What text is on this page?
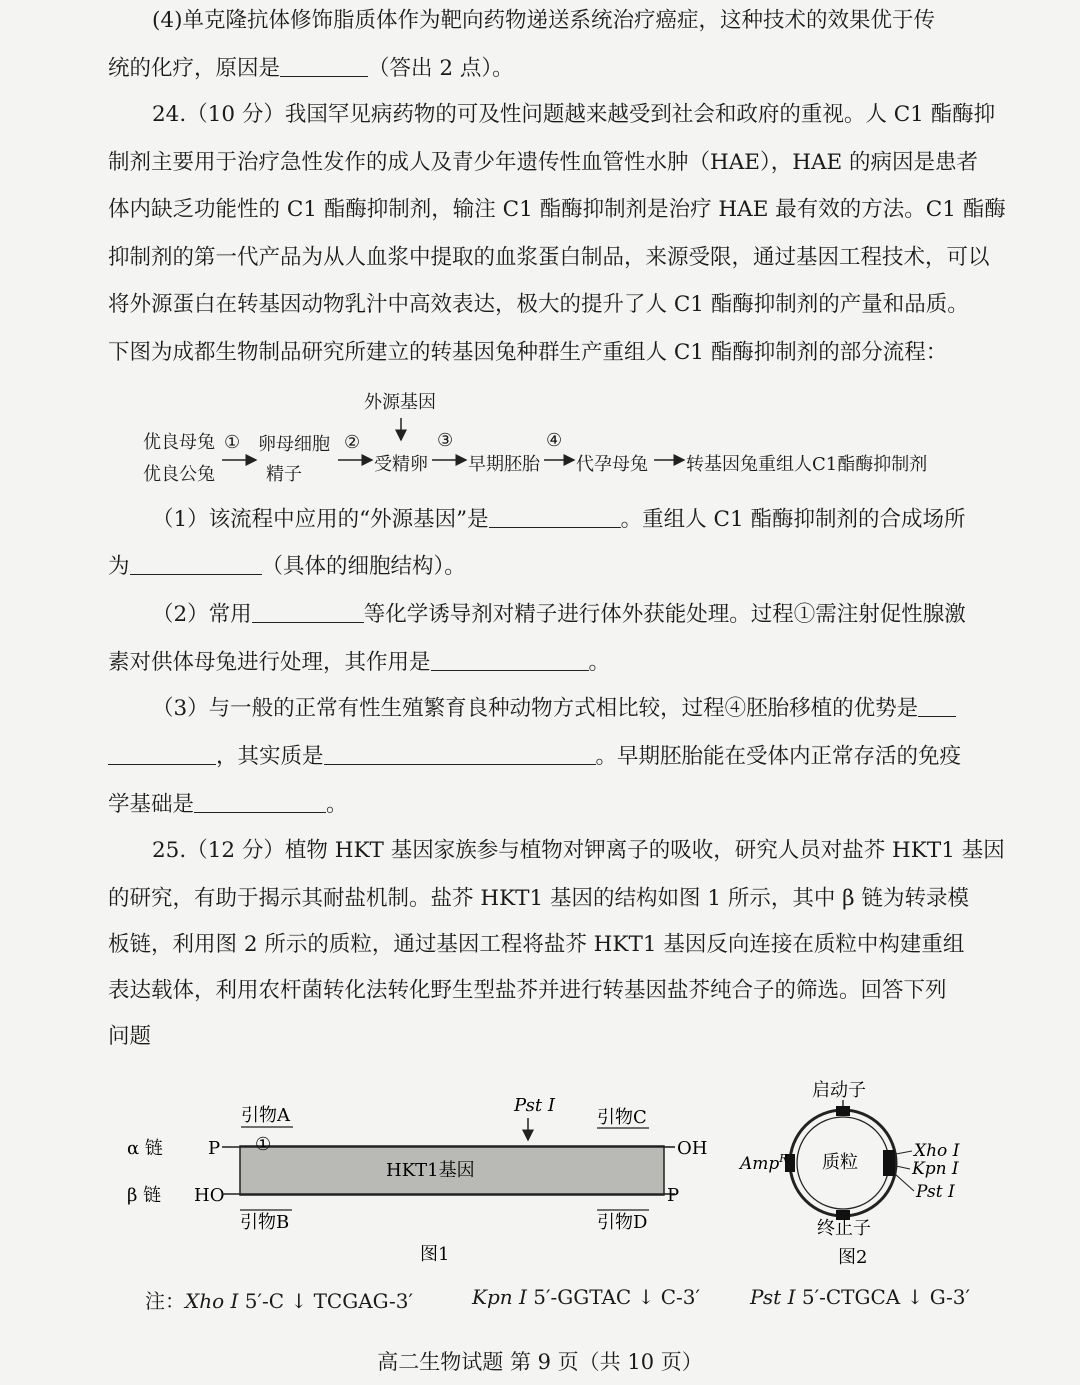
(4)单克隆抗体修饰脂质体作为靶向药物递送系统治疗癌症，这种技术的效果优于传
统的化疗，原因是	（答出 2 点）。
24.（10 分）我国罕见病药物的可及性问题越来越受到社会和政府的重视。人 C1 酯酶抑
制剂主要用于治疗急性发作的成人及青少年遗传性血管性水肿（HAE），HAE 的病因是患者
体内缺乏功能性的 C1 酯酶抑制剂，输注 C1 酯酶抑制剂是治疗 HAE 最有效的方法。C1 酯酶
抑制剂的第一代产品为从人血浆中提取的血浆蛋白制品，来源受限，通过基因工程技术，可以
将外源蛋白在转基因动物乳汁中高效表达，极大的提升了人 C1 酯酶抑制剂的产量和品质。
下图为成都生物制品研究所建立的转基因兔种群生产重组人 C1 酯酶抑制剂的部分流程：
外源基因
优良母兔
优良公兔
① 卵母细胞
精子
②
受精卵
③
早期胚胎
④
代孕母兔 转基因兔重组人C1酯酶抑制剂
（1）该流程中应用的“外源基因”是	。重组人 C1 酯酶抑制剂的合成场所
为	（具体的细胞结构）。
（2）常用	等化学诱导剂对精子进行体外获能处理。过程①需注射促性腺激
素对供体母兔进行处理，其作用是	。
（3）与一般的正常有性生殖繁育良种动物方式相比较，过程④胚胎移植的优势是
，其实质是	。早期胚胎能在受体内正常存活的免疫
学基础是	。
25.（12 分）植物 HKT 基因家族参与植物对钾离子的吸收，研究人员对盐芥 HKT1 基因
的研究，有助于揭示其耐盐机制。盐芥 HKT1 基因的结构如图 1 所示，其中 β 链为转录模
板链，利用图 2 所示的质粒，通过基因工程将盐芥 HKT1 基因反向连接在质粒中构建重组
表达载体，利用农杆菌转化法转化野生型盐芥并进行转基因盐芥纯合子的筛选。回答下列
问题
α 链
β 链
P
HO
OH
P
HKT1基因
引物A
①
引物B
引物C
引物D
Pst Ⅰ
图1
启动子
质粒
Amp$^R$	Xho Ⅰ
Kpn Ⅰ
Pst Ⅰ
终止子
图2
注：Xho Ⅰ 5′-C ↓ TCGAG-3′	Kpn Ⅰ 5′-GGTAC ↓ C-3′ Pst Ⅰ 5′-CTGCA ↓ G-3′
高二生物试题 第 9 页（共 10 页）
